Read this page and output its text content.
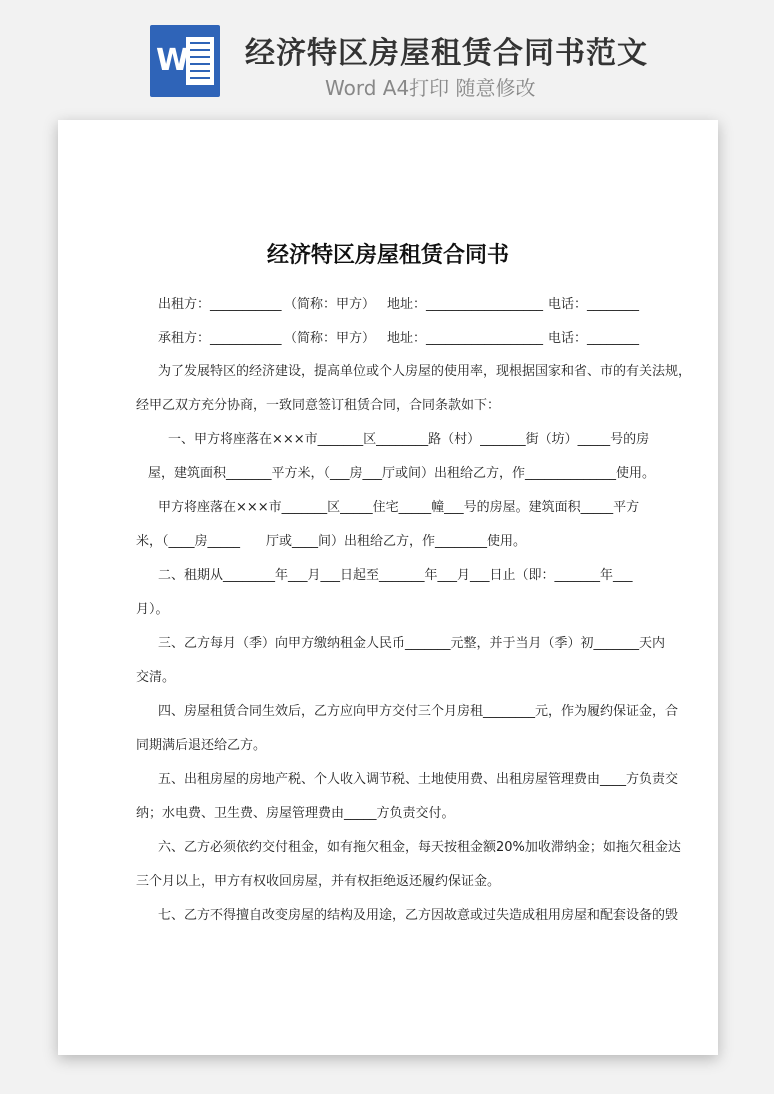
W 经济特区房屋租赁合同书范文
Word A4打印 随意修改
经济特区房屋租赁合同书
出租方：___________ （简称：甲方） 地址：__________________ 电话：________
承租方：___________ （简称：甲方） 地址：__________________ 电话：________
为了发展特区的经济建设，提高单位或个人房屋的使用率，现根据国家和省、市的有关法规，
经甲乙双方充分协商，一致同意签订租赁合同，合同条款如下：
一、甲方将座落在×××市_______区________路（村）_______街（坊）_____号的房
屋，建筑面积_______平方米，（___房___厅或间）出租给乙方，作______________使用。
甲方将座落在×××市_______区_____住宅_____幢___号的房屋。建筑面积_____平方
米，（____房_____　　厅或____间）出租给乙方，作________使用。
二、租期从________年___月___日起至_______年___月___日止（即：_______年___
月）。
三、乙方每月（季）向甲方缴纳租金人民币_______元整，并于当月（季）初_______天内
交清。
四、房屋租赁合同生效后，乙方应向甲方交付三个月房租________元，作为履约保证金，合
同期满后退还给乙方。
五、出租房屋的房地产税、个人收入调节税、土地使用费、出租房屋管理费由____方负责交
纳；水电费、卫生费、房屋管理费由_____方负责交付。
六、乙方必须依约交付租金，如有拖欠租金，每天按租金额20%加收滞纳金；如拖欠租金达
三个月以上，甲方有权收回房屋，并有权拒绝返还履约保证金。
七、乙方不得擅自改变房屋的结构及用途，乙方因故意或过失造成租用房屋和配套设备的毁
